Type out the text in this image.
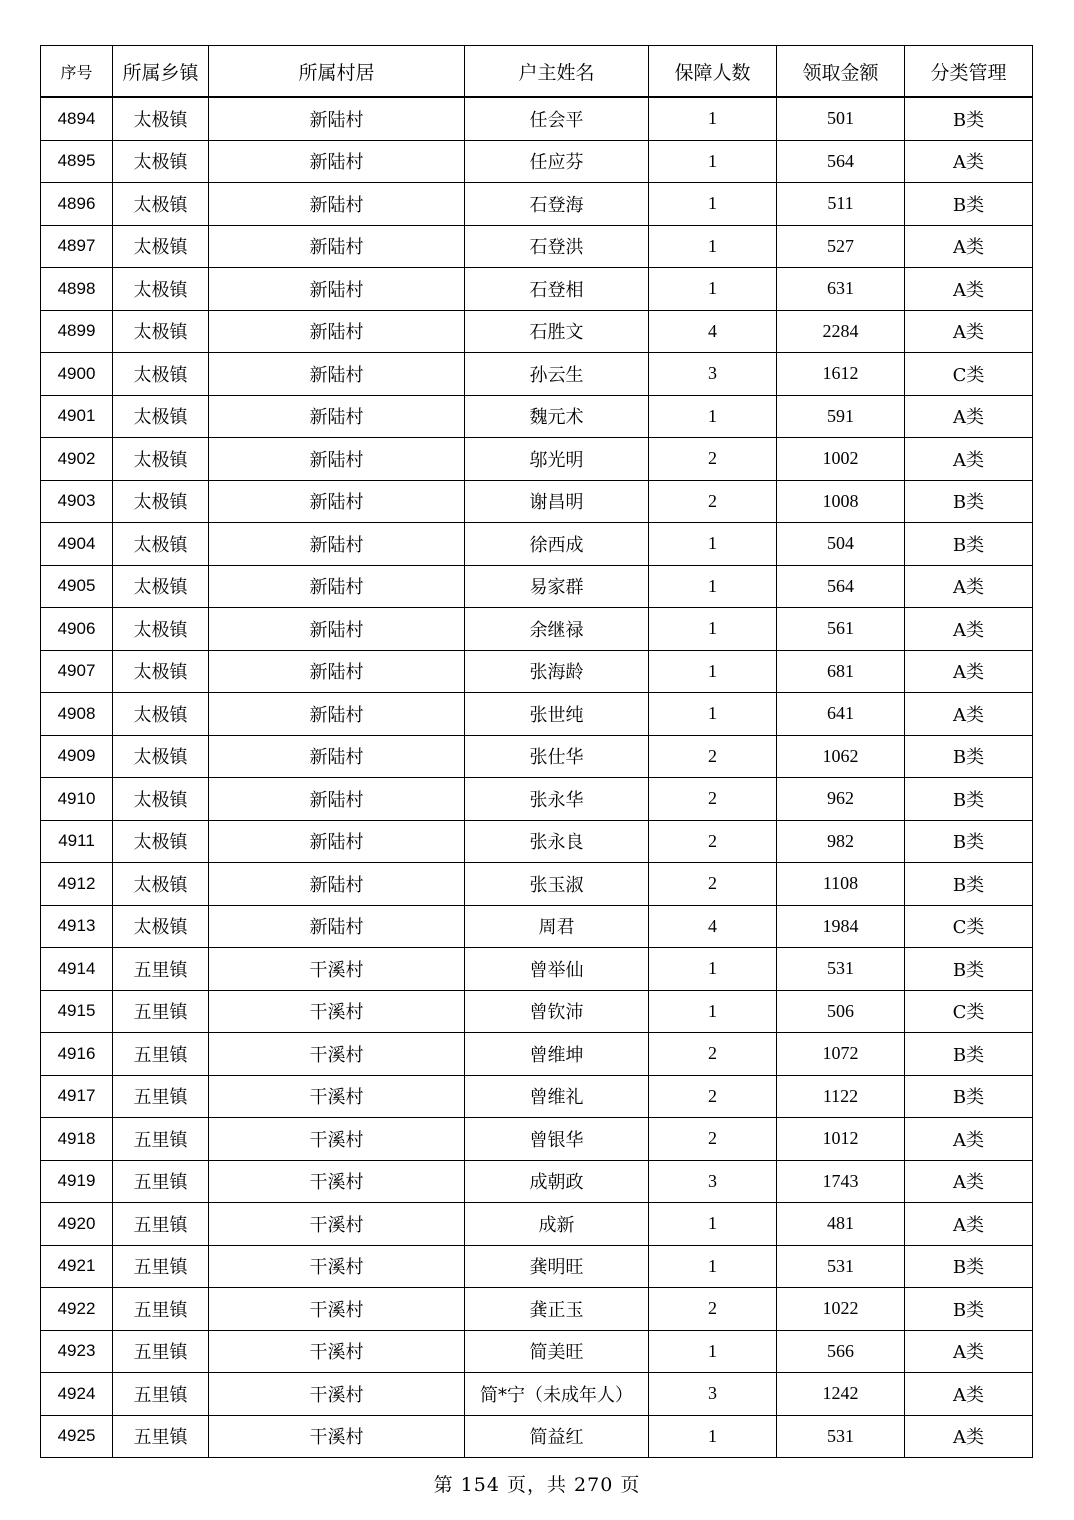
序号	所属乡镇	所属村居	户主姓名	保障人数	领取金额	分类管理
4894	太极镇	新陆村	任会平	1	501	B类
4895	太极镇	新陆村	任应芬	1	564	A类
4896	太极镇	新陆村	石登海	1	511	B类
4897	太极镇	新陆村	石登洪	1	527	A类
4898	太极镇	新陆村	石登相	1	631	A类
4899	太极镇	新陆村	石胜文	4	2284	A类
4900	太极镇	新陆村	孙云生	3	1612	C类
4901	太极镇	新陆村	魏元术	1	591	A类
4902	太极镇	新陆村	邬光明	2	1002	A类
4903	太极镇	新陆村	谢昌明	2	1008	B类
4904	太极镇	新陆村	徐西成	1	504	B类
4905	太极镇	新陆村	易家群	1	564	A类
4906	太极镇	新陆村	余继禄	1	561	A类
4907	太极镇	新陆村	张海龄	1	681	A类
4908	太极镇	新陆村	张世纯	1	641	A类
4909	太极镇	新陆村	张仕华	2	1062	B类
4910	太极镇	新陆村	张永华	2	962	B类
4911	太极镇	新陆村	张永良	2	982	B类
4912	太极镇	新陆村	张玉淑	2	1108	B类
4913	太极镇	新陆村	周君	4	1984	C类
4914	五里镇	干溪村	曾举仙	1	531	B类
4915	五里镇	干溪村	曾钦沛	1	506	C类
4916	五里镇	干溪村	曾维坤	2	1072	B类
4917	五里镇	干溪村	曾维礼	2	1122	B类
4918	五里镇	干溪村	曾银华	2	1012	A类
4919	五里镇	干溪村	成朝政	3	1743	A类
4920	五里镇	干溪村	成新	1	481	A类
4921	五里镇	干溪村	龚明旺	1	531	B类
4922	五里镇	干溪村	龚正玉	2	1022	B类
4923	五里镇	干溪村	简美旺	1	566	A类
4924	五里镇	干溪村	简*宁（未成年人）	3	1242	A类
4925	五里镇	干溪村	简益红	1	531	A类
第 154 页，共 270 页
